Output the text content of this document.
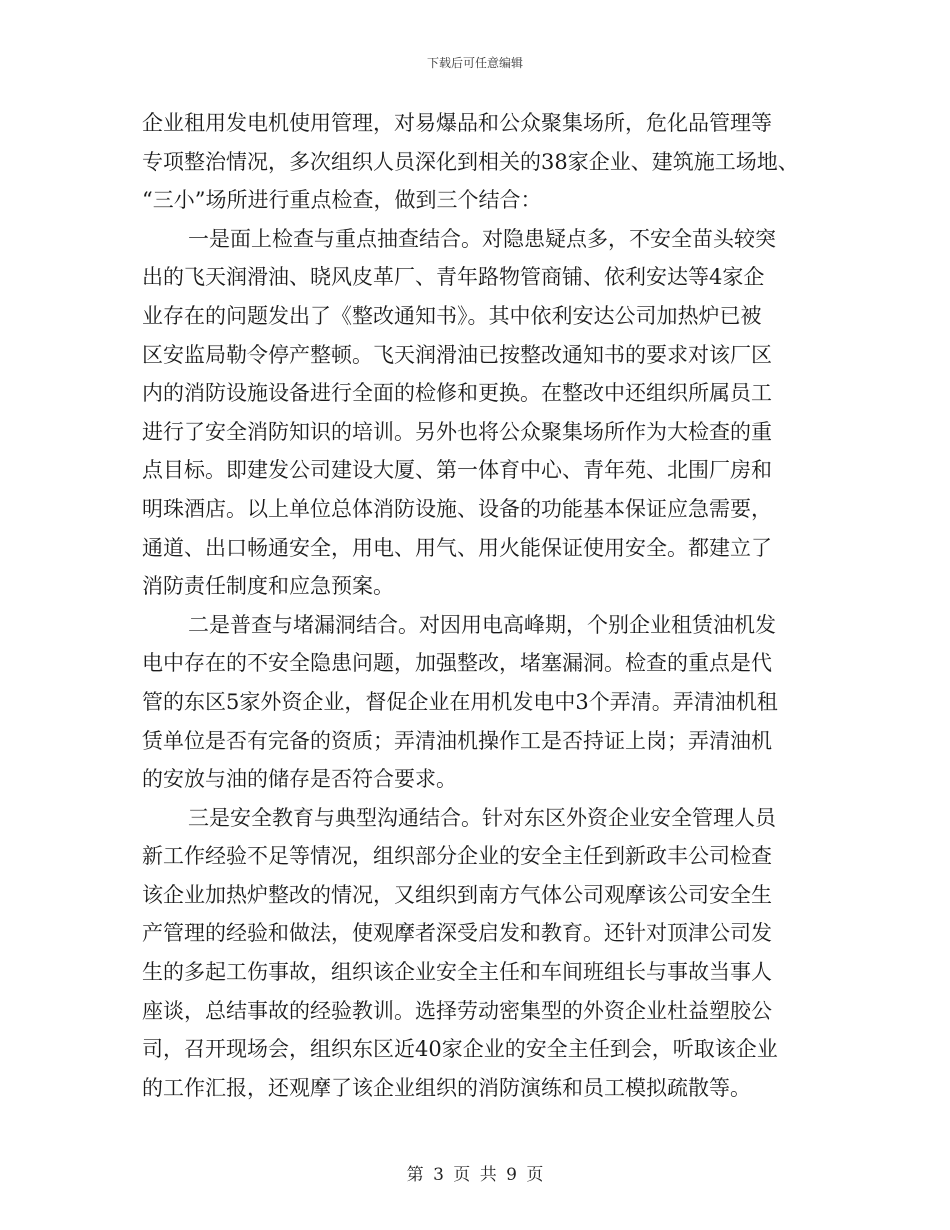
下载后可任意编辑
企业租用发电机使用管理，对易爆品和公众聚集场所，危化品管理等
专项整治情况，多次组织人员深化到相关的38家企业、建筑施工场地、
“三小”场所进行重点检查，做到三个结合：
一是面上检查与重点抽查结合。对隐患疑点多，不安全苗头较突
出的飞天润滑油、晓风皮革厂、青年路物管商铺、依利安达等4家企
业存在的问题发出了《整改通知书》。其中依利安达公司加热炉已被
区安监局勒令停产整顿。飞天润滑油已按整改通知书的要求对该厂区
内的消防设施设备进行全面的检修和更换。在整改中还组织所属员工
进行了安全消防知识的培训。另外也将公众聚集场所作为大检查的重
点目标。即建发公司建设大厦、第一体育中心、青年苑、北围厂房和
明珠酒店。以上单位总体消防设施、设备的功能基本保证应急需要，
通道、出口畅通安全，用电、用气、用火能保证使用安全。都建立了
消防责任制度和应急预案。
二是普查与堵漏洞结合。对因用电高峰期，个别企业租赁油机发
电中存在的不安全隐患问题，加强整改，堵塞漏洞。检查的重点是代
管的东区5家外资企业，督促企业在用机发电中3个弄清。弄清油机租
赁单位是否有完备的资质；弄清油机操作工是否持证上岗；弄清油机
的安放与油的储存是否符合要求。
三是安全教育与典型沟通结合。针对东区外资企业安全管理人员
新工作经验不足等情况，组织部分企业的安全主任到新政丰公司检查
该企业加热炉整改的情况，又组织到南方气体公司观摩该公司安全生
产管理的经验和做法，使观摩者深受启发和教育。还针对顶津公司发
生的多起工伤事故，组织该企业安全主任和车间班组长与事故当事人
座谈，总结事故的经验教训。选择劳动密集型的外资企业杜益塑胶公
司，召开现场会，组织东区近40家企业的安全主任到会，听取该企业
的工作汇报，还观摩了该企业组织的消防演练和员工模拟疏散等。
第 3 页 共 9 页
